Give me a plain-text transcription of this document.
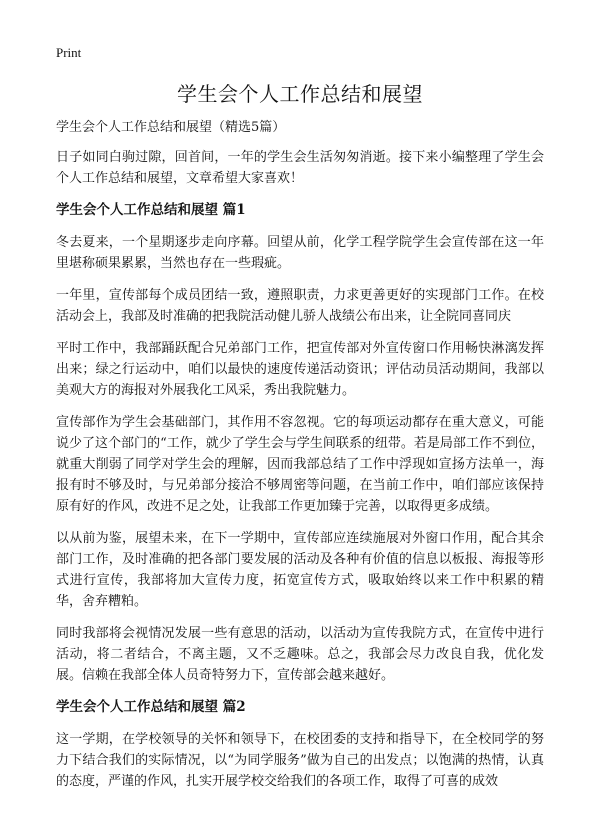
Print
学生会个人工作总结和展望
学生会个人工作总结和展望（精选5篇）

日子如同白驹过隙，回首间，一年的学生会生活匆匆消逝。接下来小编整理了学生会个人工作总结和展望，文章希望大家喜欢！

学生会个人工作总结和展望 篇1

冬去夏来，一个星期逐步走向序幕。回望从前，化学工程学院学生会宣传部在这一年里堪称硕果累累，当然也存在一些瑕疵。

一年里，宣传部每个成员团结一致，遵照职责，力求更善更好的实现部门工作。在校活动会上，我部及时准确的把我院活动健儿骄人战绩公布出来，让全院同喜同庆

平时工作中，我部踊跃配合兄弟部门工作，把宣传部对外宣传窗口作用畅快淋漓发挥出来；绿之行运动中，咱们以最快的速度传递活动资讯；评估动员活动期间，我部以美观大方的海报对外展我化工风采，秀出我院魅力。

宣传部作为学生会基础部门，其作用不容忽视。它的每项运动都存在重大意义，可能说少了这个部门的“工作，就少了学生会与学生间联系的纽带。若是局部工作不到位，就重大削弱了同学对学生会的理解，因而我部总结了工作中浮现如宣扬方法单一，海报有时不够及时，与兄弟部分接洽不够周密等问题，在当前工作中，咱们部应该保持原有好的作风，改进不足之处，让我部工作更加臻于完善，以取得更多成绩。

以从前为鉴，展望未来，在下一学期中，宣传部应连续施展对外窗口作用，配合其余部门工作，及时准确的把各部门要发展的活动及各种有价值的信息以板报、海报等形式进行宣传，我部将加大宣传力度，拓宽宣传方式，吸取始终以来工作中积累的精华，舍弃糟粕。

同时我部将会视情况发展一些有意思的活动，以活动为宣传我院方式，在宣传中进行活动，将二者结合，不离主题，又不乏趣味。总之，我部会尽力改良自我，优化发展。信赖在我部全体人员奇特努力下，宣传部会越来越好。

学生会个人工作总结和展望 篇2

这一学期，在学校领导的关怀和领导下，在校团委的支持和指导下，在全校同学的努力下结合我们的实际情况，以“为同学服务”做为自己的出发点；以饱满的热情，认真的态度，严谨的作风，扎实开展学校交给我们的各项工作，取得了可喜的成效
